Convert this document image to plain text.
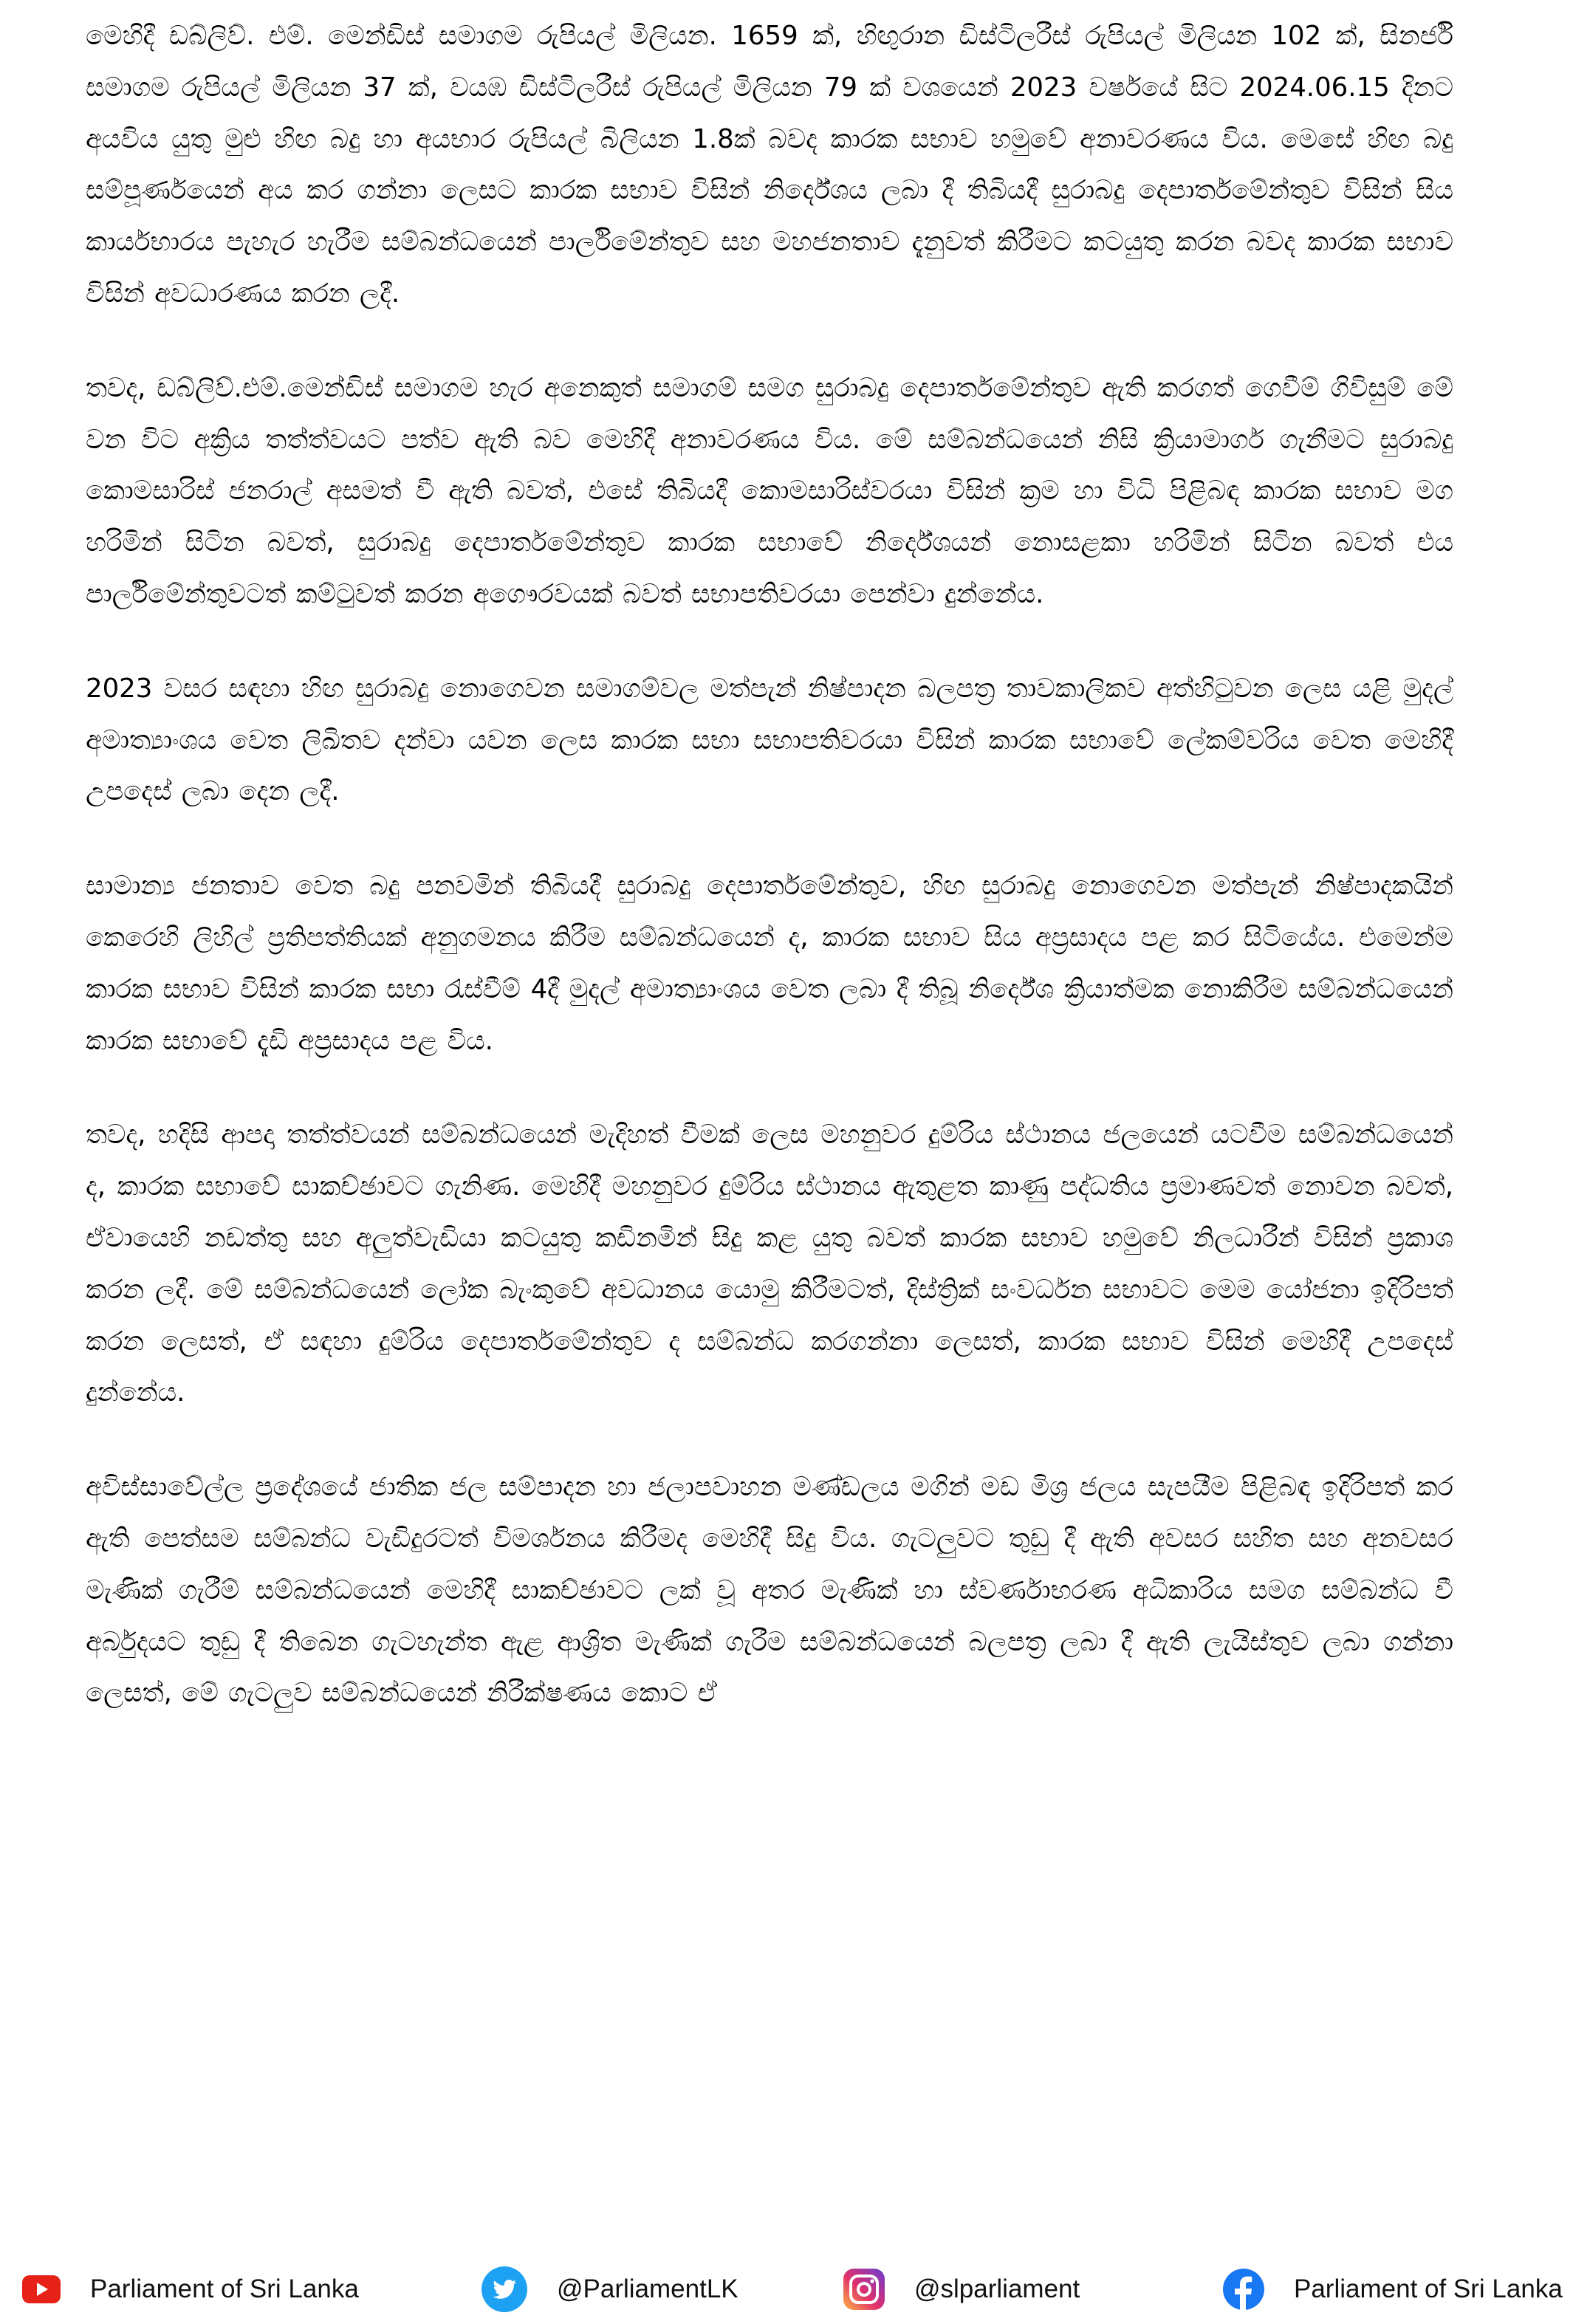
මෙහිදී ඩබ්ලිව්. එම්. මෙන්ඩිස් සමාගම රුපියල් මිලියන. 1659 ක්, හිඟුරාන ඩිස්ටිලරීස් රුපියල් මිලියන 102 ක්, සිනර්ජි සමාගම රුපියල් මිලියන 37 ක්, වයඹ ඩිස්ටිලරීස් රුපියල් මිලියන 79 ක් වශයෙන් 2023 වර්ෂයේ සිට 2024.06.15 දිනට අයවිය යුතු මුළු හිඟ බදු හා අයභාර රුපියල් බිලියන 1.8ක් බවද කාරක සභාව හමුවේ අනාවරණය විය. මෙසේ හිඟ බදු සම්පූර්ණයෙන් අය කර ගන්නා ලෙසට කාරක සභාව විසින් නිර්දේශය ලබා දී තිබියදී සුරාබදු දෙපාර්තමේන්තුව විසින් සිය කාර්යභාරය පැහැර හැරීම සම්බන්ධයෙන් පාර්ලිමේන්තුව සහ මහජනතාව දැනුවත් කිරීමට කටයුතු කරන බවද කාරක සභාව විසින් අවධාරණය කරන ලදී.

තවද, ඩබ්ලිව්.එම්.මෙන්ඩිස් සමාගම හැර අනෙකුත් සමාගම් සමග සුරාබදු දෙපාර්තමේන්තුව ඇති කරගත් ගෙවීම් ගිවිසුම් මේ වන විට අක්‍රිය තත්ත්වයට පත්ව ඇති බව මෙහිදී අනාවරණය විය. මේ සම්බන්ධයෙන් නිසි ක්‍රියාමාර්ග ගැනීමට සුරාබදු කොමසාරිස් ජනරාල් අසමත් වී ඇති බවත්, එසේ තිබියදී කොමසාරිස්වරයා විසින් ක්‍රම හා විධි පිළිබඳ කාරක සභාව මග හරිමින් සිටින බවත්, සුරාබදු දෙපාර්තමේන්තුව කාරක සභාවේ නිර්දේශයන් නොසළකා හරිමින් සිටින බවත් එය පාර්ලිමේන්තුවටත් කම්ටුවත් කරන අගෞරවයක් බවත් සභාපතිවරයා පෙන්වා දුන්නේය.

2023 වසර සඳහා හිඟ සුරාබදු නොගෙවන සමාගම්වල මත්පැන් නිෂ්පාදන බලපත්‍ර තාවකාලිකව අත්හිටුවන ලෙස යළි මුදල් අමාත්‍යාංශය වෙත ලිඛිතව දන්වා යවන ලෙස කාරක සභා සභාපතිවරයා විසින් කාරක සභාවේ ලේකම්වරිය වෙත මෙහිදී උපදෙස් ලබා දෙන ලදී.

සාමාන්‍ය ජනතාව වෙත බදු පනවමින් තිබියදී සුරාබදු දෙපාර්තමේන්තුව, හිඟ සුරාබදු නොගෙවන මත්පැන් නිෂ්පාදකයින් කෙරෙහි ලිහිල් ප්‍රතිපත්තියක් අනුගමනය කිරීම සම්බන්ධයෙන් ද, කාරක සභාව සිය අප්‍රසාදය පළ කර සිටියේය. එමෙන්ම කාරක සභාව විසින් කාරක සභා රැස්වීම් 4දී මුදල් අමාත්‍යාංශය වෙත ලබා දී තිබූ නිර්දේශ ක්‍රියාත්මක නොකිරීම සම්බන්ධයෙන් කාරක සභාවේ දැඩි අප්‍රසාදය පළ විය.

තවද, හදිසි ආපදා තත්ත්වයන් සම්බන්ධයෙන් මැදිහත් වීමක් ලෙස මහනුවර දුම්රිය ස්ථානය ජලයෙන් යටවීම සම්බන්ධයෙන් ද, කාරක සභාවේ සාකච්ඡාවට ගැනිණ. මෙහිදී මහනුවර දුම්රිය ස්ථානය ඇතුළත කාණු පද්ධතිය ප්‍රමාණවත් නොවන බවත්, ඒවායෙහි නඩත්තු සහ අලුත්වැඩියා කටයුතු කඩිනමින් සිදු කළ යුතු බවත් කාරක සභාව හමුවේ නිලධාරීන් විසින් ප්‍රකාශ කරන ලදී. මේ සම්බන්ධයෙන් ලෝක බැංකුවේ අවධානය යොමු කිරීමටත්, දිස්ත්‍රික් සංවර්ධන සභාවට මෙම යෝජනා ඉදිරිපත් කරන ලෙසත්, ඒ සඳහා දුම්රිය දෙපාර්තමේන්තුව ද සම්බන්ධ කරගන්නා ලෙසත්, කාරක සභාව විසින් මෙහිදී උපදෙස් දුන්නේය.

අවිස්සාවේල්ල ප්‍රදේශයේ ජාතික ජල සම්පාදන හා ජලාපවාහන මණ්ඩලය මගින් මඩ මිශ්‍ර ජලය සැපයීම පිළිබඳ ඉදිරිපත් කර ඇති පෙත්සම සම්බන්ධ වැඩිදුරටත් විමර්ශනය කිරීමද මෙහිදී සිදු විය. ගැටලුවට තුඩු දී ඇති අවසර සහිත සහ අනවසර මැණික් ගැරීම් සම්බන්ධයෙන් මෙහිදී සාකච්ඡාවට ලක් වූ අතර මැණික් හා ස්වර්ණාභරණ අධිකාරිය සමග සම්බන්ධ වී අර්බුදයට තුඩු දී තිබෙන ගැටහැන්ත ඇළ ආශ්‍රිත මැණික් ගැරීම සම්බන්ධයෙන් බලපත්‍ර ලබා දී ඇති ලැයිස්තුව ලබා ගන්නා ලෙසත්, මේ ගැටලුව සම්බන්ධයෙන් නිරීක්ෂණය කොට ඒ

Parliament of Sri Lanka	@ParliamentLK	@slparliament	Parliament of Sri Lanka
